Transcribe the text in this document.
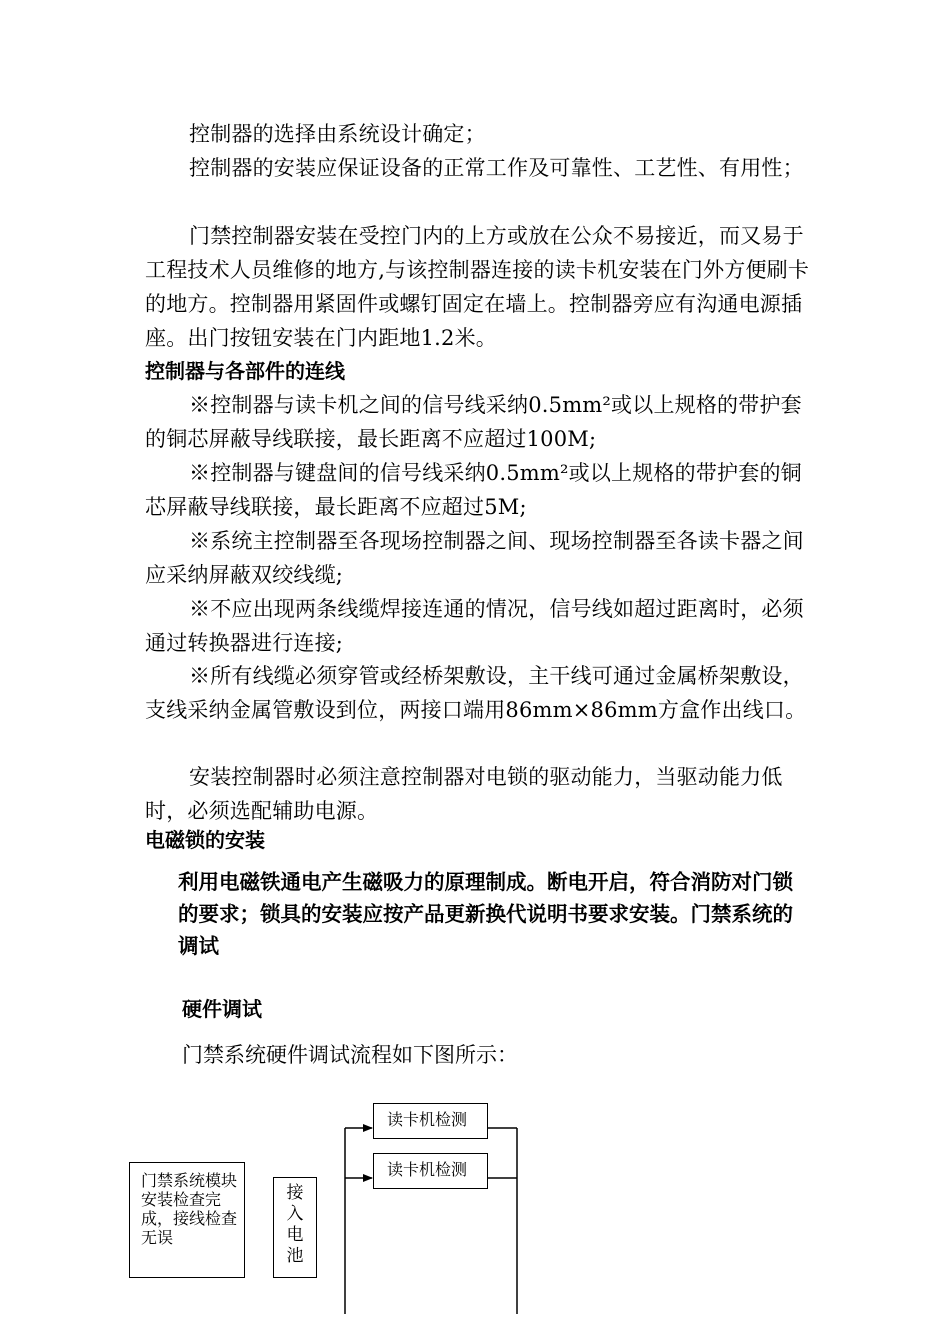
控制器的选择由系统设计确定；

控制器的安装应保证设备的正常工作及可靠性、工艺性、有用性；

门禁控制器安装在受控门内的上方或放在公众不易接近，而又易于工程技术人员维修的地方,与该控制器连接的读卡机安装在门外方便刷卡的地方。控制器用紧固件或螺钉固定在墙上。控制器旁应有沟通电源插座。出门按钮安装在门内距地1.2米。

控制器与各部件的连线

※控制器与读卡机之间的信号线采纳0.5mm²或以上规格的带护套的铜芯屏蔽导线联接，最长距离不应超过100M;

※控制器与键盘间的信号线采纳0.5mm²或以上规格的带护套的铜芯屏蔽导线联接，最长距离不应超过5M;

※系统主控制器至各现场控制器之间、现场控制器至各读卡器之间应采纳屏蔽双绞线缆;

※不应出现两条线缆焊接连通的情况，信号线如超过距离时，必须通过转换器进行连接;

※所有线缆必须穿管或经桥架敷设，主干线可通过金属桥架敷设，支线采纳金属管敷设到位，两接口端用86mm×86mm方盒作出线口。

安装控制器时必须注意控制器对电锁的驱动能力，当驱动能力低时，必须选配辅助电源。

电磁锁的安装

利用电磁铁通电产生磁吸力的原理制成。断电开启，符合消防对门锁的要求；锁具的安装应按产品更新换代说明书要求安装。门禁系统的调试

硬件调试

门禁系统硬件调试流程如下图所示：

门禁系统模块安装检查完成，接线检查无误
接入电池
读卡机检测
读卡机检测
